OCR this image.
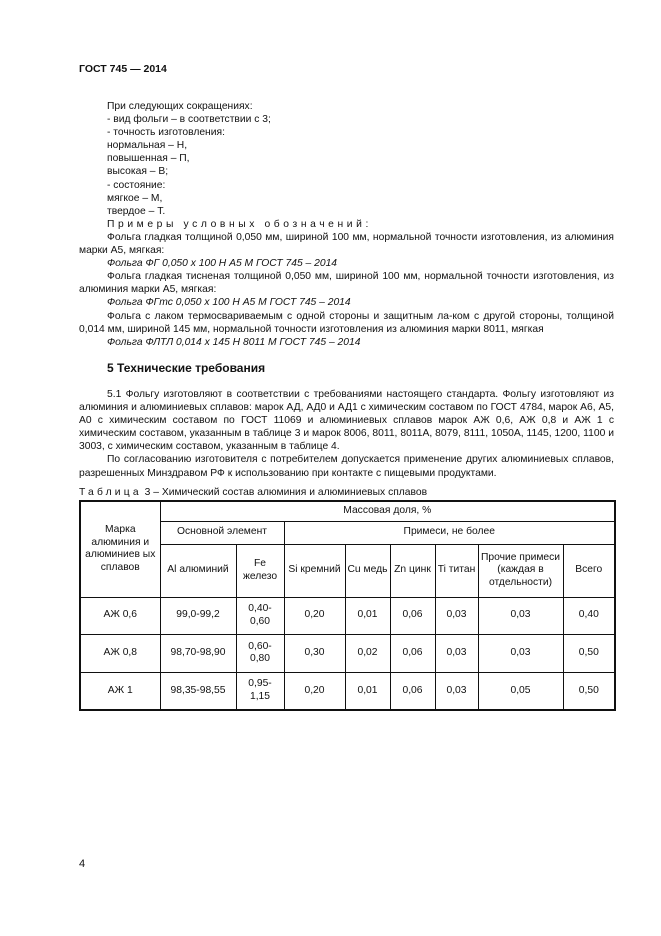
ГОСТ 745 — 2014

При следующих сокращениях:

- вид фольги – в соответствии с 3;

- точность изготовления:

нормальная – Н,

повышенная – П,

высокая – В;

- состояние:

мягкое – М,

твердое – Т.

Примеры условных обозначений:

Фольга гладкая толщиной 0,050 мм, шириной 100 мм, нормальной точности изготовления, из алюминия марки А5, мягкая:

Фольга ФГ 0,050 х 100 Н А5 М ГОСТ 745 – 2014

Фольга гладкая тисненая толщиной 0,050 мм, шириной 100 мм, нормальной точности изготовления, из алюминия марки А5, мягкая:

Фольга ФГтс 0,050 х 100 Н А5 М ГОСТ 745 – 2014

Фольга с лаком термосвариваемым с одной стороны и защитным ла-ком с другой стороны, толщиной 0,014 мм, шириной 145 мм, нормальной точности изготовления из алюминия марки 8011, мягкая

Фольга ФЛТЛ 0,014 х 145 Н 8011 М ГОСТ 745 – 2014

5 Технические требования

5.1 Фольгу изготовляют в соответствии с требованиями настоящего стандарта. Фольгу изготовляют из алюминия и алюминиевых сплавов: марок АД, АД0 и АД1 с химическим составом по ГОСТ 4784, марок А6, А5, А0 с химическим составом по ГОСТ 11069 и алюминиевых сплавов марок АЖ 0,6, АЖ 0,8 и АЖ 1 с химическим составом, указанным в таблице 3 и марок 8006, 8011, 8011А, 8079, 8111, 1050А, 1145, 1200, 1100 и 3003, с химическим составом, указанным в таблице 4.

По согласованию изготовителя с потребителем допускается применение других алюминиевых сплавов, разрешенных Минздравом РФ к использованию при контакте с пищевыми продуктами.

Таблица 3 – Химический состав алюминия и алюминиевых сплавов
Марка алюминия и алюминиев ых сплавов	Массовая доля, %							
	Основной элемент		Примеси, не более					
	Al алюминий	Fe железо	Si кремний	Cu медь	Zn цинк	Ti титан	Прочие примеси (каждая в отдельности)	Всего
АЖ 0,6	99,0-99,2	0,40-0,60	0,20	0,01	0,06	0,03	0,03	0,40
АЖ 0,8	98,70-98,90	0,60-0,80	0,30	0,02	0,06	0,03	0,03	0,50
АЖ 1	98,35-98,55	0,95-1,15	0,20	0,01	0,06	0,03	0,05	0,50
4
